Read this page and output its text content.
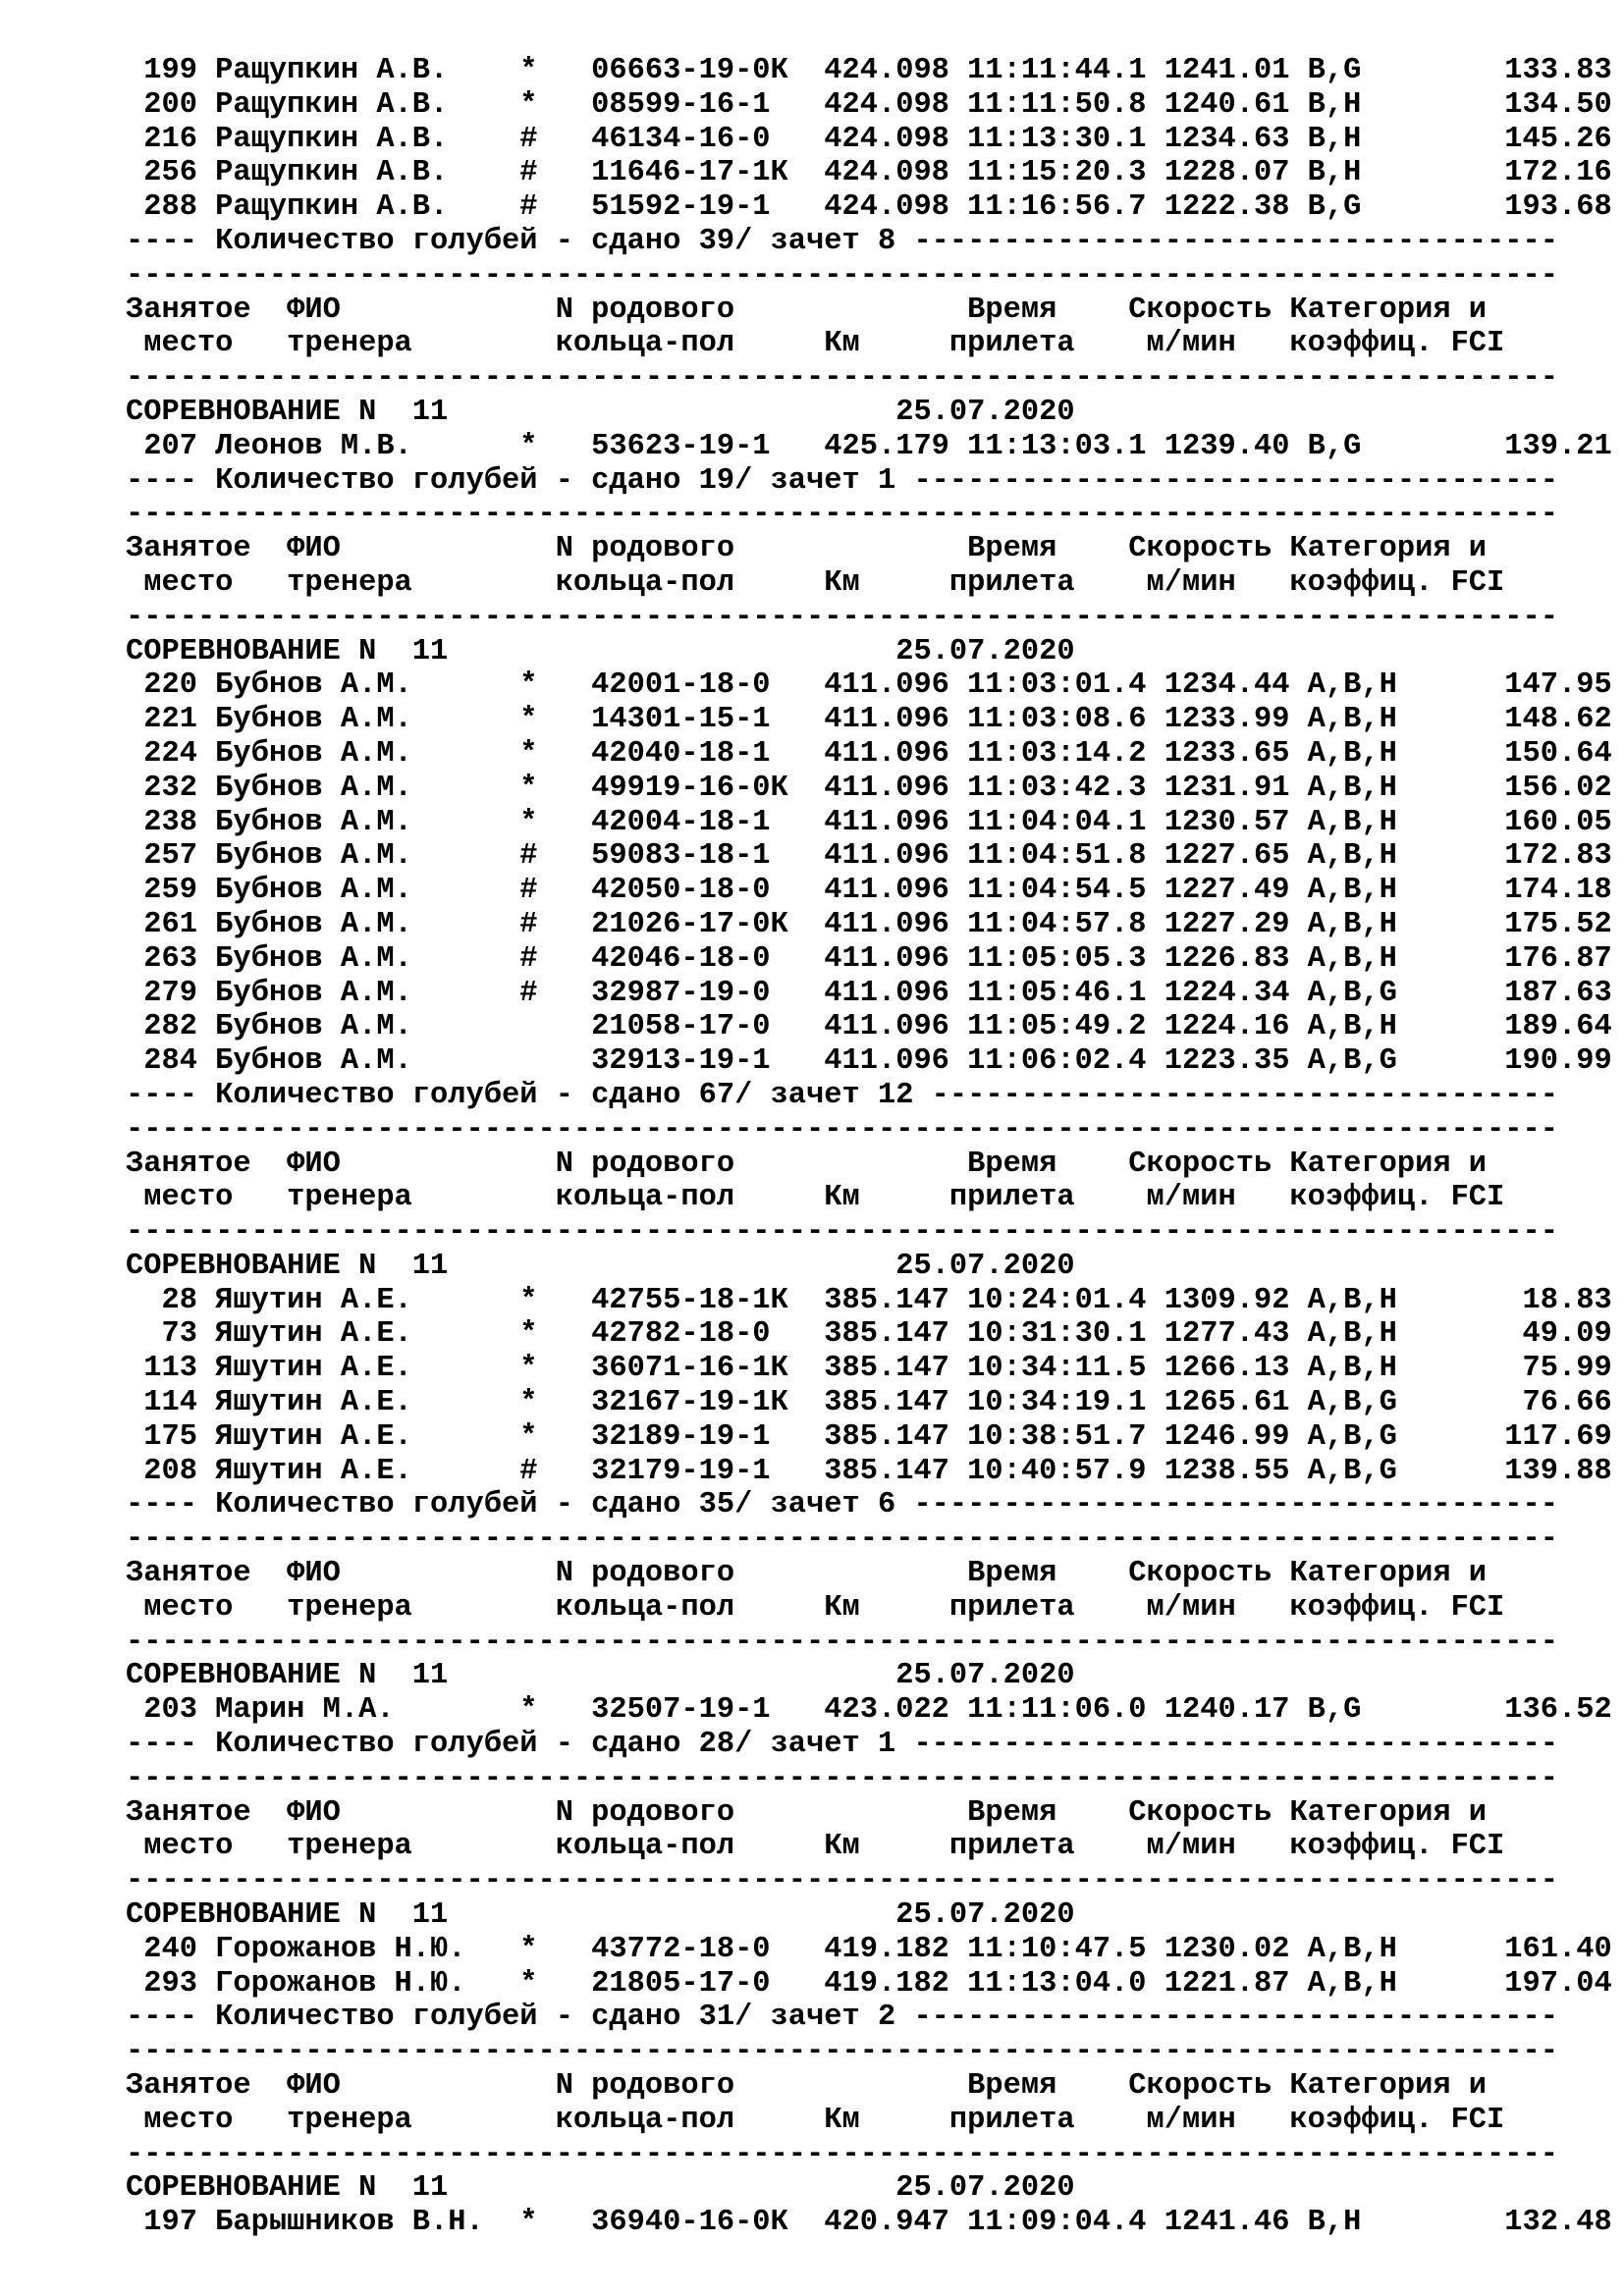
199 Ращупкин А.В.    *   06663-19-0К  424.098 11:11:44.1 1241.01 B,G        133.83
200 Ращупкин А.В.    *   08599-16-1   424.098 11:11:50.8 1240.61 B,H        134.50
216 Ращупкин А.В.    #   46134-16-0   424.098 11:13:30.1 1234.63 B,H        145.26
256 Ращупкин А.В.    #   11646-17-1К  424.098 11:15:20.3 1228.07 B,H        172.16
288 Ращупкин А.В.    #   51592-19-1   424.098 11:16:56.7 1222.38 B,G        193.68
---- Количество голубей - сдано 39/ зачет 8 ------------------------------------
--------------------------------------------------------------------------------
Занятое  ФИО            N родового             Время    Скорость Категория и
место   тренера        кольца-пол     Км     прилета    м/мин   коэффиц. FCI
--------------------------------------------------------------------------------
СОРЕВНОВАНИЕ N  11                         25.07.2020
207 Леонов М.В.      *   53623-19-1   425.179 11:13:03.1 1239.40 B,G        139.21
---- Количество голубей - сдано 19/ зачет 1 ------------------------------------
--------------------------------------------------------------------------------
Занятое  ФИО            N родового             Время    Скорость Категория и
место   тренера        кольца-пол     Км     прилета    м/мин   коэффиц. FCI
--------------------------------------------------------------------------------
СОРЕВНОВАНИЕ N  11                         25.07.2020
220 Бубнов А.М.      *   42001-18-0   411.096 11:03:01.4 1234.44 A,B,H      147.95
221 Бубнов А.М.      *   14301-15-1   411.096 11:03:08.6 1233.99 A,B,H      148.62
224 Бубнов А.М.      *   42040-18-1   411.096 11:03:14.2 1233.65 A,B,H      150.64
232 Бубнов А.М.      *   49919-16-0К  411.096 11:03:42.3 1231.91 A,B,H      156.02
238 Бубнов А.М.      *   42004-18-1   411.096 11:04:04.1 1230.57 A,B,H      160.05
257 Бубнов А.М.      #   59083-18-1   411.096 11:04:51.8 1227.65 A,B,H      172.83
259 Бубнов А.М.      #   42050-18-0   411.096 11:04:54.5 1227.49 A,B,H      174.18
261 Бубнов А.М.      #   21026-17-0К  411.096 11:04:57.8 1227.29 A,B,H      175.52
263 Бубнов А.М.      #   42046-18-0   411.096 11:05:05.3 1226.83 A,B,H      176.87
279 Бубнов А.М.      #   32987-19-0   411.096 11:05:46.1 1224.34 A,B,G      187.63
282 Бубнов А.М.          21058-17-0   411.096 11:05:49.2 1224.16 A,B,H      189.64
284 Бубнов А.М.          32913-19-1   411.096 11:06:02.4 1223.35 A,B,G      190.99
---- Количество голубей - сдано 67/ зачет 12 -----------------------------------
--------------------------------------------------------------------------------
Занятое  ФИО            N родового             Время    Скорость Категория и
место   тренера        кольца-пол     Км     прилета    м/мин   коэффиц. FCI
--------------------------------------------------------------------------------
СОРЕВНОВАНИЕ N  11                         25.07.2020
28 Яшутин А.Е.      *   42755-18-1К  385.147 10:24:01.4 1309.92 A,B,H       18.83
73 Яшутин А.Е.      *   42782-18-0   385.147 10:31:30.1 1277.43 A,B,H       49.09
113 Яшутин А.Е.      *   36071-16-1К  385.147 10:34:11.5 1266.13 A,B,H       75.99
114 Яшутин А.Е.      *   32167-19-1К  385.147 10:34:19.1 1265.61 A,B,G       76.66
175 Яшутин А.Е.      *   32189-19-1   385.147 10:38:51.7 1246.99 A,B,G      117.69
208 Яшутин А.Е.      #   32179-19-1   385.147 10:40:57.9 1238.55 A,B,G      139.88
---- Количество голубей - сдано 35/ зачет 6 ------------------------------------
--------------------------------------------------------------------------------
Занятое  ФИО            N родового             Время    Скорость Категория и
место   тренера        кольца-пол     Км     прилета    м/мин   коэффиц. FCI
--------------------------------------------------------------------------------
СОРЕВНОВАНИЕ N  11                         25.07.2020
203 Марин М.А.       *   32507-19-1   423.022 11:11:06.0 1240.17 B,G        136.52
---- Количество голубей - сдано 28/ зачет 1 ------------------------------------
--------------------------------------------------------------------------------
Занятое  ФИО            N родового             Время    Скорость Категория и
место   тренера        кольца-пол     Км     прилета    м/мин   коэффиц. FCI
--------------------------------------------------------------------------------
СОРЕВНОВАНИЕ N  11                         25.07.2020
240 Горожанов Н.Ю.   *   43772-18-0   419.182 11:10:47.5 1230.02 A,B,H      161.40
293 Горожанов Н.Ю.   *   21805-17-0   419.182 11:13:04.0 1221.87 A,B,H      197.04
---- Количество голубей - сдано 31/ зачет 2 ------------------------------------
--------------------------------------------------------------------------------
Занятое  ФИО            N родового             Время    Скорость Категория и
место   тренера        кольца-пол     Км     прилета    м/мин   коэффиц. FCI
--------------------------------------------------------------------------------
СОРЕВНОВАНИЕ N  11                         25.07.2020
197 Барышников В.Н.  *   36940-16-0К  420.947 11:09:04.4 1241.46 B,H        132.48
